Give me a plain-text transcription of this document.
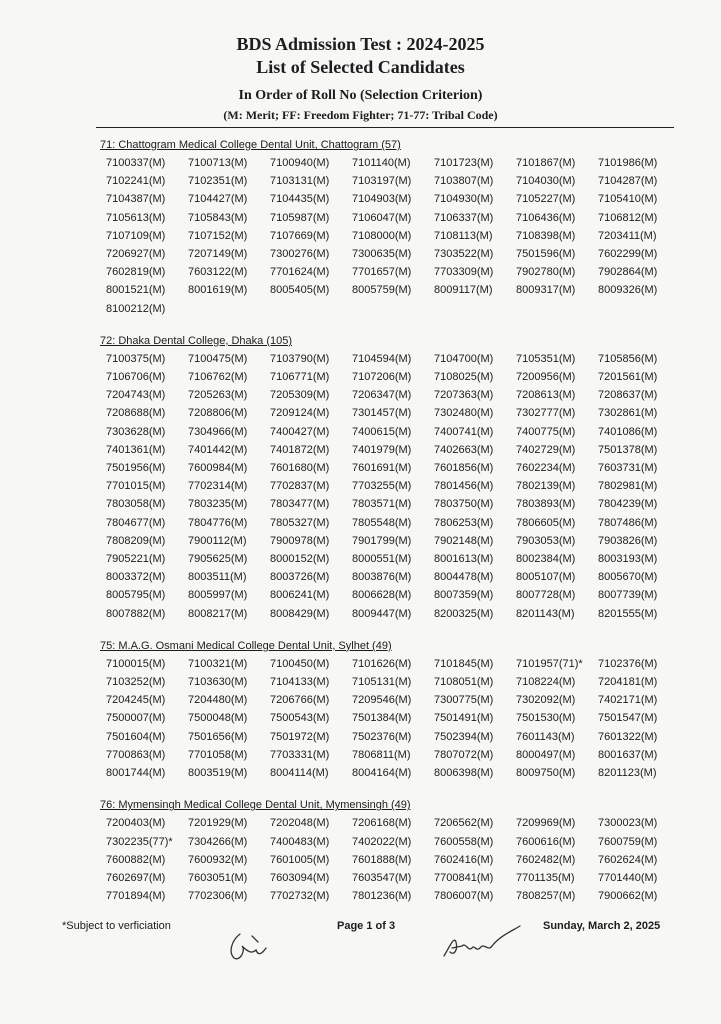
BDS Admission Test : 2024-2025
List of Selected Candidates
In Order of Roll No (Selection Criterion)
(M: Merit; FF: Freedom Fighter; 71-77: Tribal Code)
71: Chattogram Medical College Dental Unit, Chattogram (57)
7100337(M)	7100713(M)	7100940(M)	7101140(M)	7101723(M)	7101867(M)	7101986(M)
7102241(M)	7102351(M)	7103131(M)	7103197(M)	7103807(M)	7104030(M)	7104287(M)
7104387(M)	7104427(M)	7104435(M)	7104903(M)	7104930(M)	7105227(M)	7105410(M)
7105613(M)	7105843(M)	7105987(M)	7106047(M)	7106337(M)	7106436(M)	7106812(M)
7107109(M)	7107152(M)	7107669(M)	7108000(M)	7108113(M)	7108398(M)	7203411(M)
7206927(M)	7207149(M)	7300276(M)	7300635(M)	7303522(M)	7501596(M)	7602299(M)
7602819(M)	7603122(M)	7701624(M)	7701657(M)	7703309(M)	7902780(M)	7902864(M)
8001521(M)	8001619(M)	8005405(M)	8005759(M)	8009117(M)	8009317(M)	8009326(M)
8100212(M)
72: Dhaka Dental College, Dhaka (105)
7100375(M)	7100475(M)	7103790(M)	7104594(M)	7104700(M)	7105351(M)	7105856(M)
7106706(M)	7106762(M)	7106771(M)	7107206(M)	7108025(M)	7200956(M)	7201561(M)
7204743(M)	7205263(M)	7205309(M)	7206347(M)	7207363(M)	7208613(M)	7208637(M)
7208688(M)	7208806(M)	7209124(M)	7301457(M)	7302480(M)	7302777(M)	7302861(M)
7303628(M)	7304966(M)	7400427(M)	7400615(M)	7400741(M)	7400775(M)	7401086(M)
7401361(M)	7401442(M)	7401872(M)	7401979(M)	7402663(M)	7402729(M)	7501378(M)
7501956(M)	7600984(M)	7601680(M)	7601691(M)	7601856(M)	7602234(M)	7603731(M)
7701015(M)	7702314(M)	7702837(M)	7703255(M)	7801456(M)	7802139(M)	7802981(M)
7803058(M)	7803235(M)	7803477(M)	7803571(M)	7803750(M)	7803893(M)	7804239(M)
7804677(M)	7804776(M)	7805327(M)	7805548(M)	7806253(M)	7806605(M)	7807486(M)
7808209(M)	7900112(M)	7900978(M)	7901799(M)	7902148(M)	7903053(M)	7903826(M)
7905221(M)	7905625(M)	8000152(M)	8000551(M)	8001613(M)	8002384(M)	8003193(M)
8003372(M)	8003511(M)	8003726(M)	8003876(M)	8004478(M)	8005107(M)	8005670(M)
8005795(M)	8005997(M)	8006241(M)	8006628(M)	8007359(M)	8007728(M)	8007739(M)
8007882(M)	8008217(M)	8008429(M)	8009447(M)	8200325(M)	8201143(M)	8201555(M)
75: M.A.G. Osmani Medical College Dental Unit, Sylhet (49)
7100015(M)	7100321(M)	7100450(M)	7101626(M)	7101845(M)	7101957(71)*	7102376(M)
7103252(M)	7103630(M)	7104133(M)	7105131(M)	7108051(M)	7108224(M)	7204181(M)
7204245(M)	7204480(M)	7206766(M)	7209546(M)	7300775(M)	7302092(M)	7402171(M)
7500007(M)	7500048(M)	7500543(M)	7501384(M)	7501491(M)	7501530(M)	7501547(M)
7501604(M)	7501656(M)	7501972(M)	7502376(M)	7502394(M)	7601143(M)	7601322(M)
7700863(M)	7701058(M)	7703331(M)	7806811(M)	7807072(M)	8000497(M)	8001637(M)
8001744(M)	8003519(M)	8004114(M)	8004164(M)	8006398(M)	8009750(M)	8201123(M)
76: Mymensingh Medical College Dental Unit, Mymensingh (49)
7200403(M)	7201929(M)	7202048(M)	7206168(M)	7206562(M)	7209969(M)	7300023(M)
7302235(77)*	7304266(M)	7400483(M)	7402022(M)	7600558(M)	7600616(M)	7600759(M)
7600882(M)	7600932(M)	7601005(M)	7601888(M)	7602416(M)	7602482(M)	7602624(M)
7602697(M)	7603051(M)	7603094(M)	7603547(M)	7700841(M)	7701135(M)	7701440(M)
7701894(M)	7702306(M)	7702732(M)	7801236(M)	7806007(M)	7808257(M)	7900662(M)
*Subject to verficiation	Page 1 of 3	Sunday, March 2, 2025
